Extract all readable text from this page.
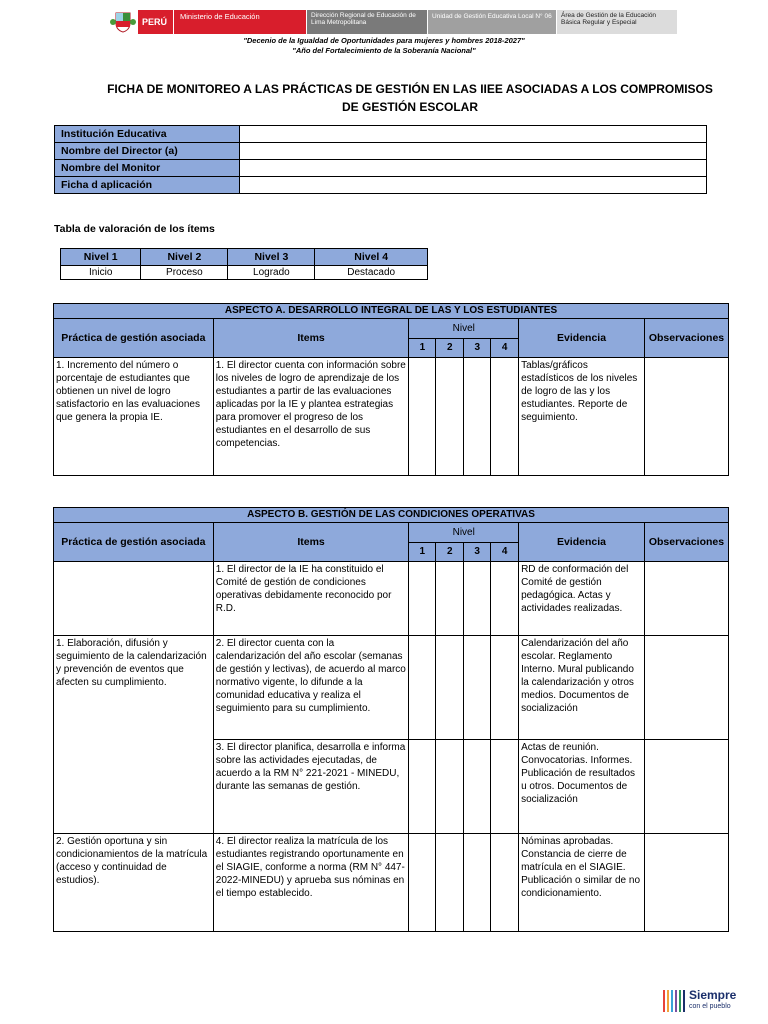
PERÚ
Ministerio de Educación	Dirección Regional de Educación de Lima Metropolitana
Unidad de Gestión Educativa Local N° 06	Área de Gestión de la Educación Básica Regular y Especial
"Decenio de la Igualdad de Oportunidades para mujeres y hombres 2018-2027"
"Año del Fortalecimiento de la Soberanía Nacional"
FICHA DE MONITOREO A LAS PRÁCTICAS DE GESTIÓN EN LAS IIEE ASOCIADAS A LOS COMPROMISOS
DE GESTIÓN ESCOLAR
Institución Educativa	
Nombre del Director (a)	
Nombre del Monitor	
Ficha d aplicación	
Tabla de valoración de los ítems
Nivel 1	Nivel 2	Nivel 3	Nivel 4
Inicio	Proceso	Logrado	Destacado
ASPECTO A. DESARROLLO INTEGRAL DE LAS Y LOS ESTUDIANTES							
Práctica de gestión asociada	Items	Nivel				Evidencia	Observaciones
		1	2	3	4		
1. Incremento del número o porcentaje de estudiantes que obtienen un nivel de logro satisfactorio en las evaluaciones que genera la propia IE.	1. El director cuenta con información sobre los niveles de logro de aprendizaje de los estudiantes a partir de las evaluaciones aplicadas por la IE y plantea estrategias para promover el progreso de los estudiantes en el desarrollo de sus competencias.					Tablas/gráficos estadísticos de los niveles de logro de las y los estudiantes. Reporte de seguimiento.	
ASPECTO B. GESTIÓN DE LAS CONDICIONES OPERATIVAS							
Práctica de gestión asociada	Items	Nivel				Evidencia	Observaciones
		1	2	3	4		
	1. El director de la IE ha constituido el Comité de gestión de condiciones operativas debidamente reconocido por R.D.					RD de conformación del Comité de gestión pedagógica. Actas y actividades realizadas.	
1. Elaboración, difusión y seguimiento de la calendarización y prevención de eventos que afecten su cumplimiento.	2. El director cuenta con la calendarización del año escolar (semanas de gestión y lectivas), de acuerdo al marco normativo vigente, lo difunde a la comunidad educativa y realiza el seguimiento para su cumplimiento.					Calendarización del año escolar. Reglamento Interno. Mural publicando la calendarización y otros medios. Documentos de socialización	
	3. El director planifica, desarrolla e informa sobre las actividades ejecutadas, de acuerdo a la RM N° 221-2021 - MINEDU, durante las semanas de gestión.					Actas de reunión. Convocatorias. Informes. Publicación de resultados u otros. Documentos de socialización	
2. Gestión oportuna y sin condicionamientos de la matrícula (acceso y continuidad de estudios).	4. El director realiza la matrícula de los estudiantes registrando oportunamente en el SIAGIE, conforme a norma (RM N° 447-2022-MINEDU) y aprueba sus nóminas en el tiempo establecido.					Nóminas aprobadas. Constancia de cierre de matrícula en el SIAGIE. Publicación o similar de no condicionamiento.	
Siempre
con el pueblo
